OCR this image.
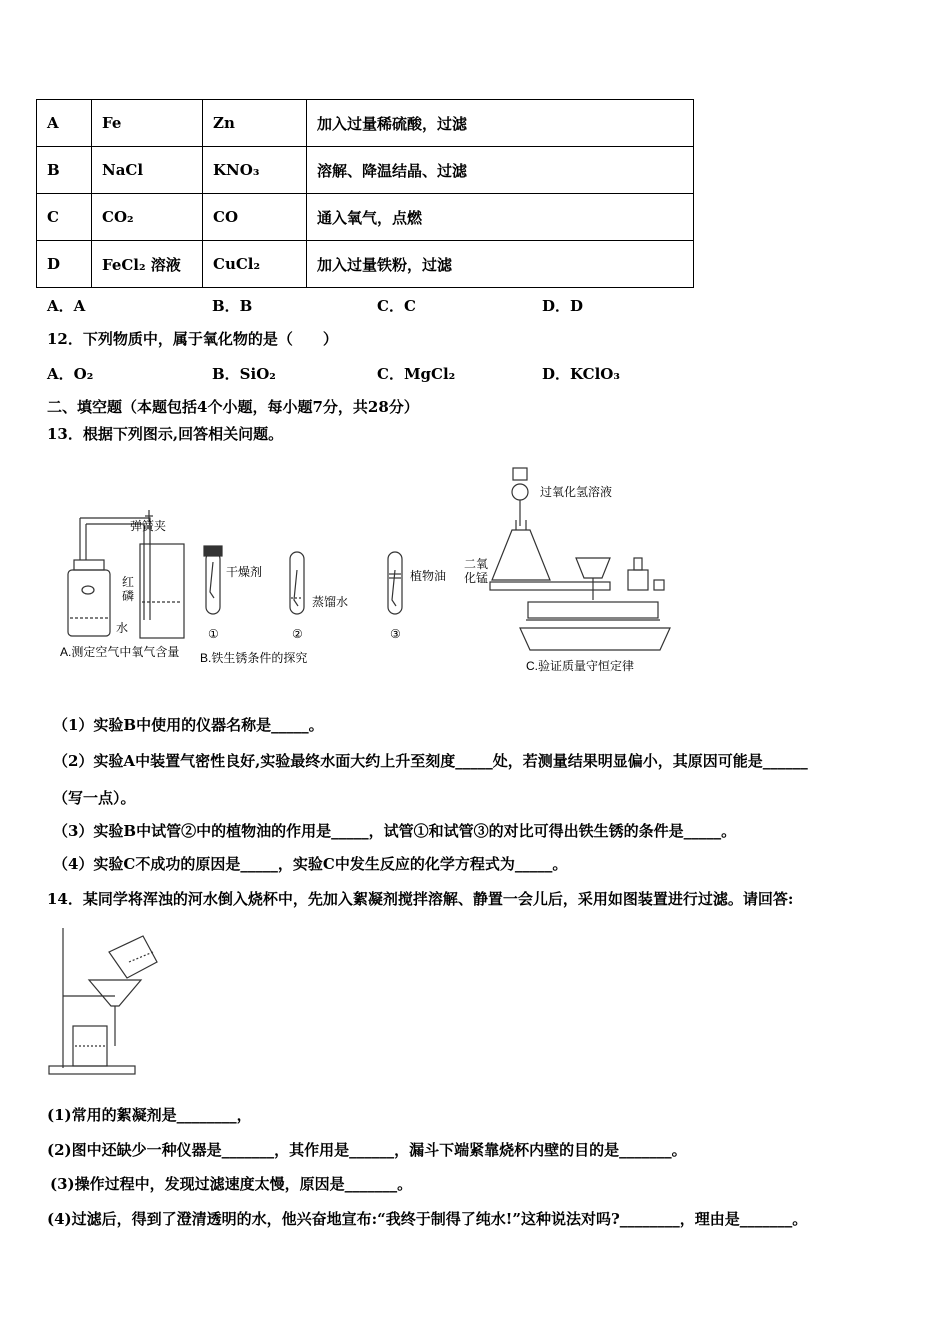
A	Fe	Zn	加入过量稀硫酸，过滤
B	NaCl	KNO₃	溶解、降温结晶、过滤
C	CO₂	CO	通入氧气，点燃
D	FeCl₂ 溶液	CuCl₂	加入过量铁粉，过滤
A．A	B．B	C．C	D．D
12．下列物质中，属于氧化物的是（　　）
A．O₂	B．SiO₂	C．MgCl₂	D．KClO₃
二、填空题（本题包括4个小题，每小题7分，共28分）
13．根据下列图示,回答相关问题。
弹簧夹
红
磷
水
A.测定空气中氧气含量
干燥剂
蒸馏水
植物油
①	②	③
B.铁生锈条件的探究
过氧化氢溶液
二氧
化锰
C.验证质量守恒定律
（1）实验B中使用的仪器名称是_____。
（2）实验A中装置气密性良好,实验最终水面大约上升至刻度_____处，若测量结果明显偏小，其原因可能是______
（写一点）。
（3）实验B中试管②中的植物油的作用是_____，试管①和试管③的对比可得出铁生锈的条件是_____。
（4）实验C不成功的原因是_____，实验C中发生反应的化学方程式为_____。
14．某同学将浑浊的河水倒入烧杯中，先加入絮凝剂搅拌溶解、静置一会儿后，采用如图装置进行过滤。请回答:
(1)常用的絮凝剂是________，
(2)图中还缺少一种仪器是_______，其作用是______，漏斗下端紧靠烧杯内壁的目的是_______。
(3)操作过程中，发现过滤速度太慢，原因是_______。
(4)过滤后，得到了澄清透明的水，他兴奋地宣布:“我终于制得了纯水!”这种说法对吗?________，理由是_______。
